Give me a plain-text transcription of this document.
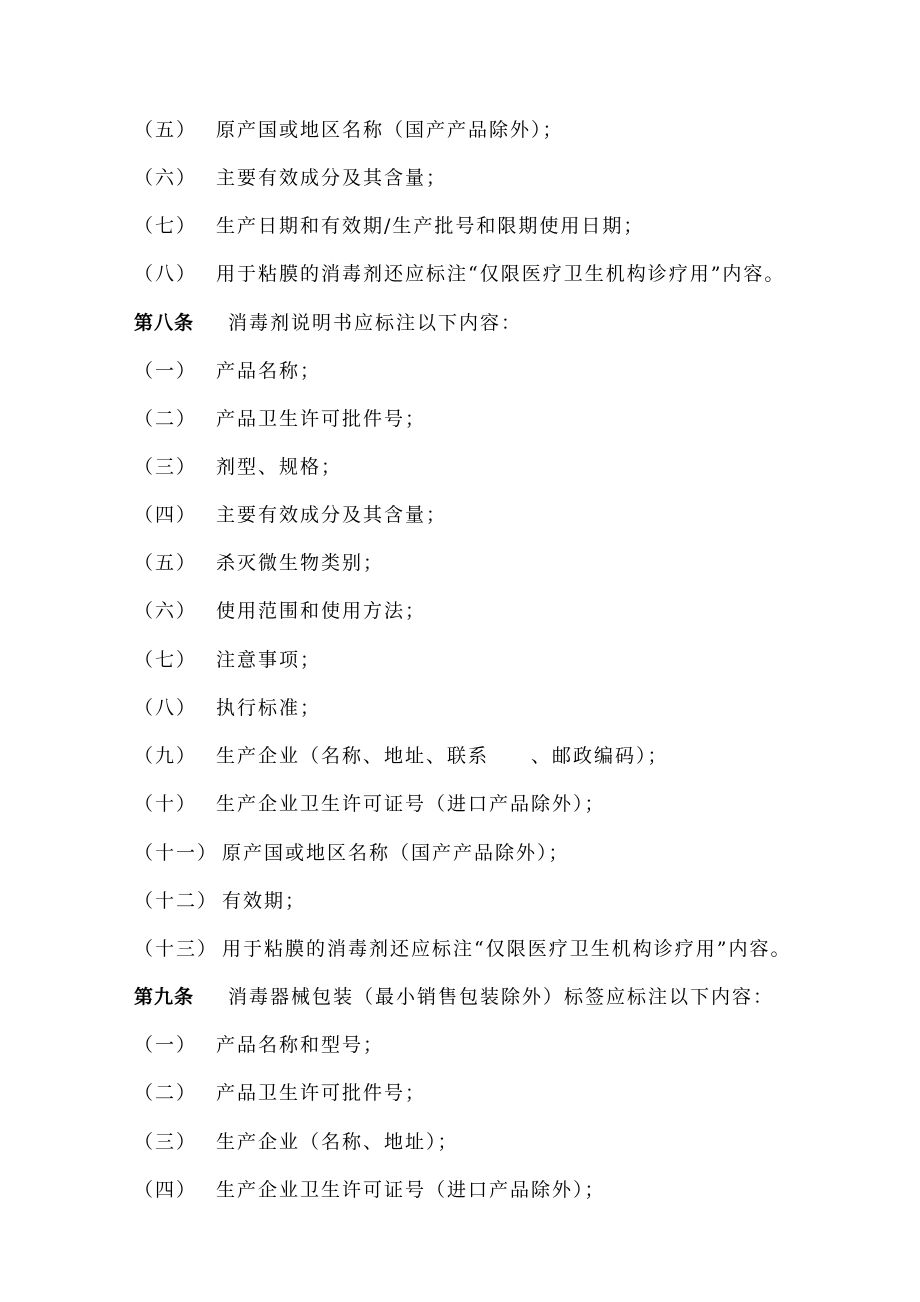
（五） 原产国或地区名称（国产产品除外）；
（六） 主要有效成分及其含量；
（七） 生产日期和有效期/生产批号和限期使用日期；
（八） 用于粘膜的消毒剂还应标注“仅限医疗卫生机构诊疗用”内容。
第八条 消毒剂说明书应标注以下内容：
（一） 产品名称；
（二） 产品卫生许可批件号；
（三） 剂型、规格；
（四） 主要有效成分及其含量；
（五） 杀灭微生物类别；
（六） 使用范围和使用方法；
（七） 注意事项；
（八） 执行标准；
（九） 生产企业（名称、地址、联系　　、邮政编码）；
（十） 生产企业卫生许可证号（进口产品除外）；
（十一） 原产国或地区名称（国产产品除外）；
（十二） 有效期；
（十三） 用于粘膜的消毒剂还应标注“仅限医疗卫生机构诊疗用”内容。
第九条 消毒器械包装（最小销售包装除外）标签应标注以下内容：
（一） 产品名称和型号；
（二） 产品卫生许可批件号；
（三） 生产企业（名称、地址）；
（四） 生产企业卫生许可证号（进口产品除外）；
